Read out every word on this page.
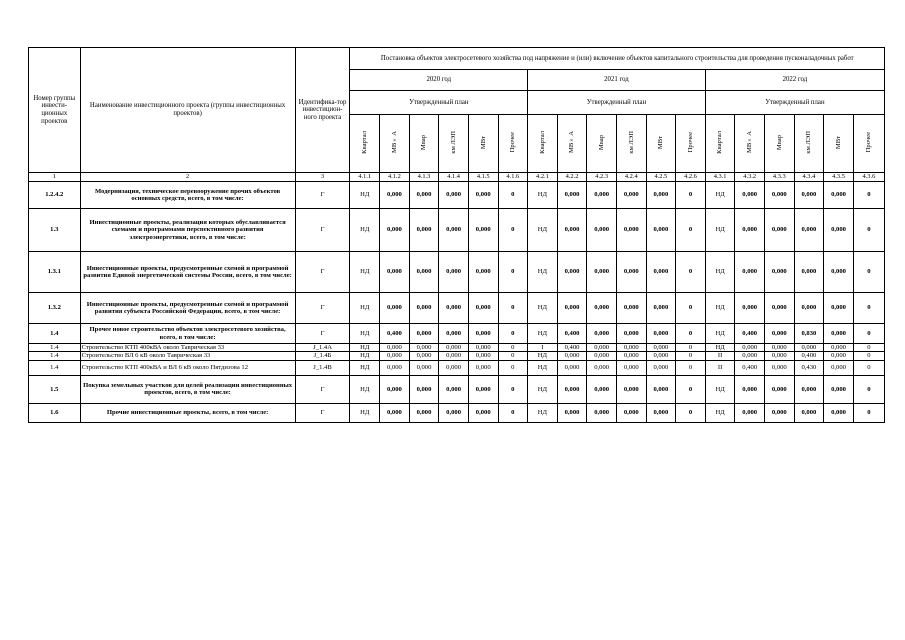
Номер группы инвести-ционных проектов	Наименование инвестиционного проекта (группы инвестиционных проектов)	Идентифика-тор инвестицион-ного проекта	Постановка объектов электросетевого хозяйства под напряжение и (или) включение объектов капитального строительства для проведения пусконаладочных работ																	
			2020 год						2021 год						2022 год					
			Утвержденный план						Утвержденный план						Утвержденный план					
			Квартал	МВ×А	Мвар	км ЛЭП	МВт	Прочее	Квартал	МВ×А	Мвар	км ЛЭП	МВт	Прочее	Квартал	МВ×А	Мвар	км ЛЭП	МВт	Прочее
1	2	3	4.1.1	4.1.2	4.1.3	4.1.4	4.1.5	4.1.6	4.2.1	4.2.2	4.2.3	4.2.4	4.2.5	4.2.6	4.3.1	4.3.2	4.3.3	4.3.4	4.3.5	4.3.6
1.2.4.2	Модернизация, техническое перевооружение прочих объектов основных средств, всего, в том числе:	Г	НД	0,000	0,000	0,000	0,000	0	НД	0,000	0,000	0,000	0,000	0	НД	0,000	0,000	0,000	0,000	0
1.3	Инвестиционные проекты, реализация которых обуславливается схемами и программами перспективного развития электроэнергетики, всего, в том числе:	Г	НД	0,000	0,000	0,000	0,000	0	НД	0,000	0,000	0,000	0,000	0	НД	0,000	0,000	0,000	0,000	0
1.3.1	Инвестиционные проекты, предусмотренные схемой и программой развития Единой энергетической системы России, всего, в том числе:	Г	НД	0,000	0,000	0,000	0,000	0	НД	0,000	0,000	0,000	0,000	0	НД	0,000	0,000	0,000	0,000	0
1.3.2	Инвестиционные проекты, предусмотренные схемой и программой развития субъекта Российской Федерации, всего, в том числе:	Г	НД	0,000	0,000	0,000	0,000	0	НД	0,000	0,000	0,000	0,000	0	НД	0,000	0,000	0,000	0,000	0
1.4	Прочее новое строительство объектов электросетевого хозяйства, всего, в том числе:	Г	НД	0,400	0,000	0,000	0,000	0	НД	0,400	0,000	0,000	0,000	0	НД	0,400	0,000	0,830	0,000	0
1.4	Строительство КТП 400кВА около Таврическая 33	J_1.4А	НД	0,000	0,000	0,000	0,000	0	I	0,400	0,000	0,000	0,000	0	НД	0,000	0,000	0,000	0,000	0
1.4	Строительство ВЛ 6 кВ около Таврическая 33	J_1.4Б	НД	0,000	0,000	0,000	0,000	0	НД	0,000	0,000	0,000	0,000	0	II	0,000	0,000	0,400	0,000	0
1.4	Строительство КТП 400кВА и ВЛ 6 кВ около Пятдизова 12	J_1.4В	НД	0,000	0,000	0,000	0,000	0	НД	0,000	0,000	0,000	0,000	0	II	0,400	0,000	0,430	0,000	0
1.5	Покупка земельных участков для целей реализации инвестиционных проектов, всего, в том числе:	Г	НД	0,000	0,000	0,000	0,000	0	НД	0,000	0,000	0,000	0,000	0	НД	0,000	0,000	0,000	0,000	0
1.6	Прочие инвестиционные проекты, всего, в том числе:	Г	НД	0,000	0,000	0,000	0,000	0	НД	0,000	0,000	0,000	0,000	0	НД	0,000	0,000	0,000	0,000	0
